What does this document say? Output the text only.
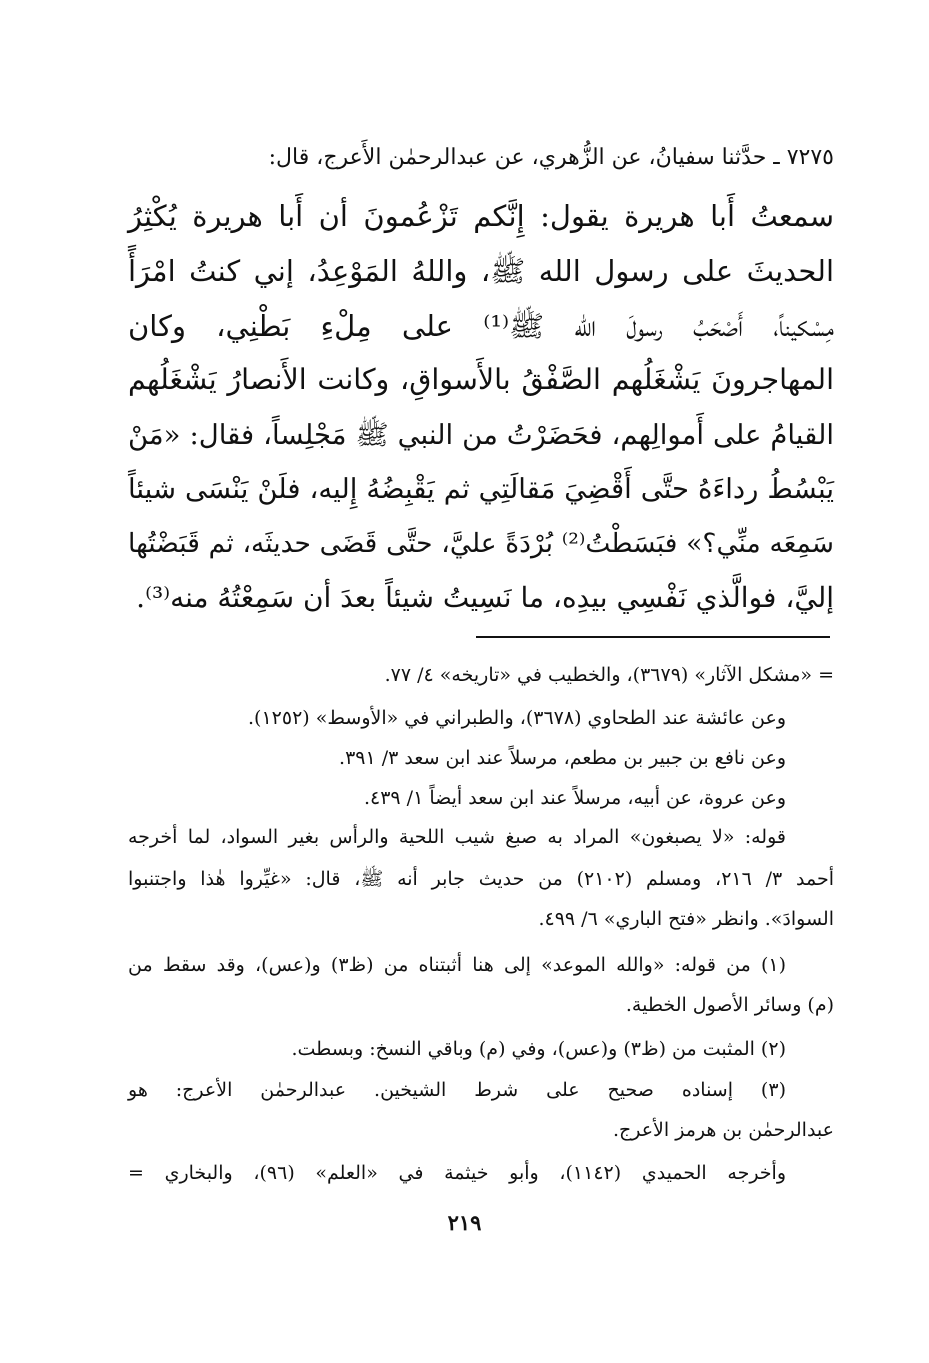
٧٢٧٥ ـ حدَّثنا سفيانُ، عن الزُّهري، عن عبدالرحمٰن الأَعرج، قال:
سمعتُ أَبا هريرة يقول: إِنَّكم تَزْعُمونَ أن أَبا هريرة يُكْثِرُ
الحديثَ على رسول الله ﷺ، واللهُ المَوْعِدُ، إني كنتُ امْرَأً
مِسْكيناً، أَصْحَبُ رسولَ الله ﷺ⁽¹⁾ على مِلْءِ بَطْنِي، وكان
المهاجرونَ يَشْغَلُهم الصَّفْقُ بالأَسواقِ، وكانت الأَنصارُ يَشْغَلُهم
القيامُ على أَموالِهم، فحَضَرْتُ من النبي ﷺ مَجْلِساً، فقال: «مَنْ
يَبْسُطُ رداءَهُ حتَّى أَقْضِيَ مَقالَتِي ثم يَقْبِضُهُ إِليه، فلَنْ يَنْسَى شيئاً
سَمِعَه منِّي؟» فبَسَطْتُ⁽²⁾ بُرْدَةً عليَّ، حتَّى قَضَى حديثَه، ثم قَبَضْتُها
إليَّ، فوالَّذي نَفْسِي بيدِه، ما نَسِيتُ شيئاً بعدَ أن سَمِعْتُهُ منه⁽³⁾.
= «مشكل الآثار» (٣٦٧٩)، والخطيب في «تاريخه» ٤/ ٧٧.
وعن عائشة عند الطحاوي (٣٦٧٨)، والطبراني في «الأوسط» (١٢٥٢).
وعن نافع بن جبير بن مطعم، مرسلاً عند ابن سعد ٣/ ٣٩١.
وعن عروة، عن أبيه، مرسلاً عند ابن سعد أيضاً ١/ ٤٣٩.
قوله: «لا يصبغون» المراد به صبغ شيب اللحية والرأس بغير السواد، لما أخرجه
أحمد ٣/ ٢١٦، ومسلم (٢١٠٢) من حديث جابر أنه ﷺ، قال: «غيِّروا هٰذا واجتنبوا
السوادَ». وانظر «فتح الباري» ٦/ ٤٩٩.
(١) من قوله: «والله الموعد» إلى هنا أثبتناه من (ظ٣) و(عس)، وقد سقط من
(م) وسائر الأصول الخطية.
(٢) المثبت من (ظ٣) و(عس)، وفي (م) وباقي النسخ: وبسطت.
(٣) إسناده صحيح على شرط الشيخين. عبدالرحمٰن الأعرج: هو
عبدالرحمٰن بن هرمز الأعرج.
وأخرجه الحميدي (١١٤٢)، وأبو خيثمة في «العلم» (٩٦)، والبخاري =
٢١٩
